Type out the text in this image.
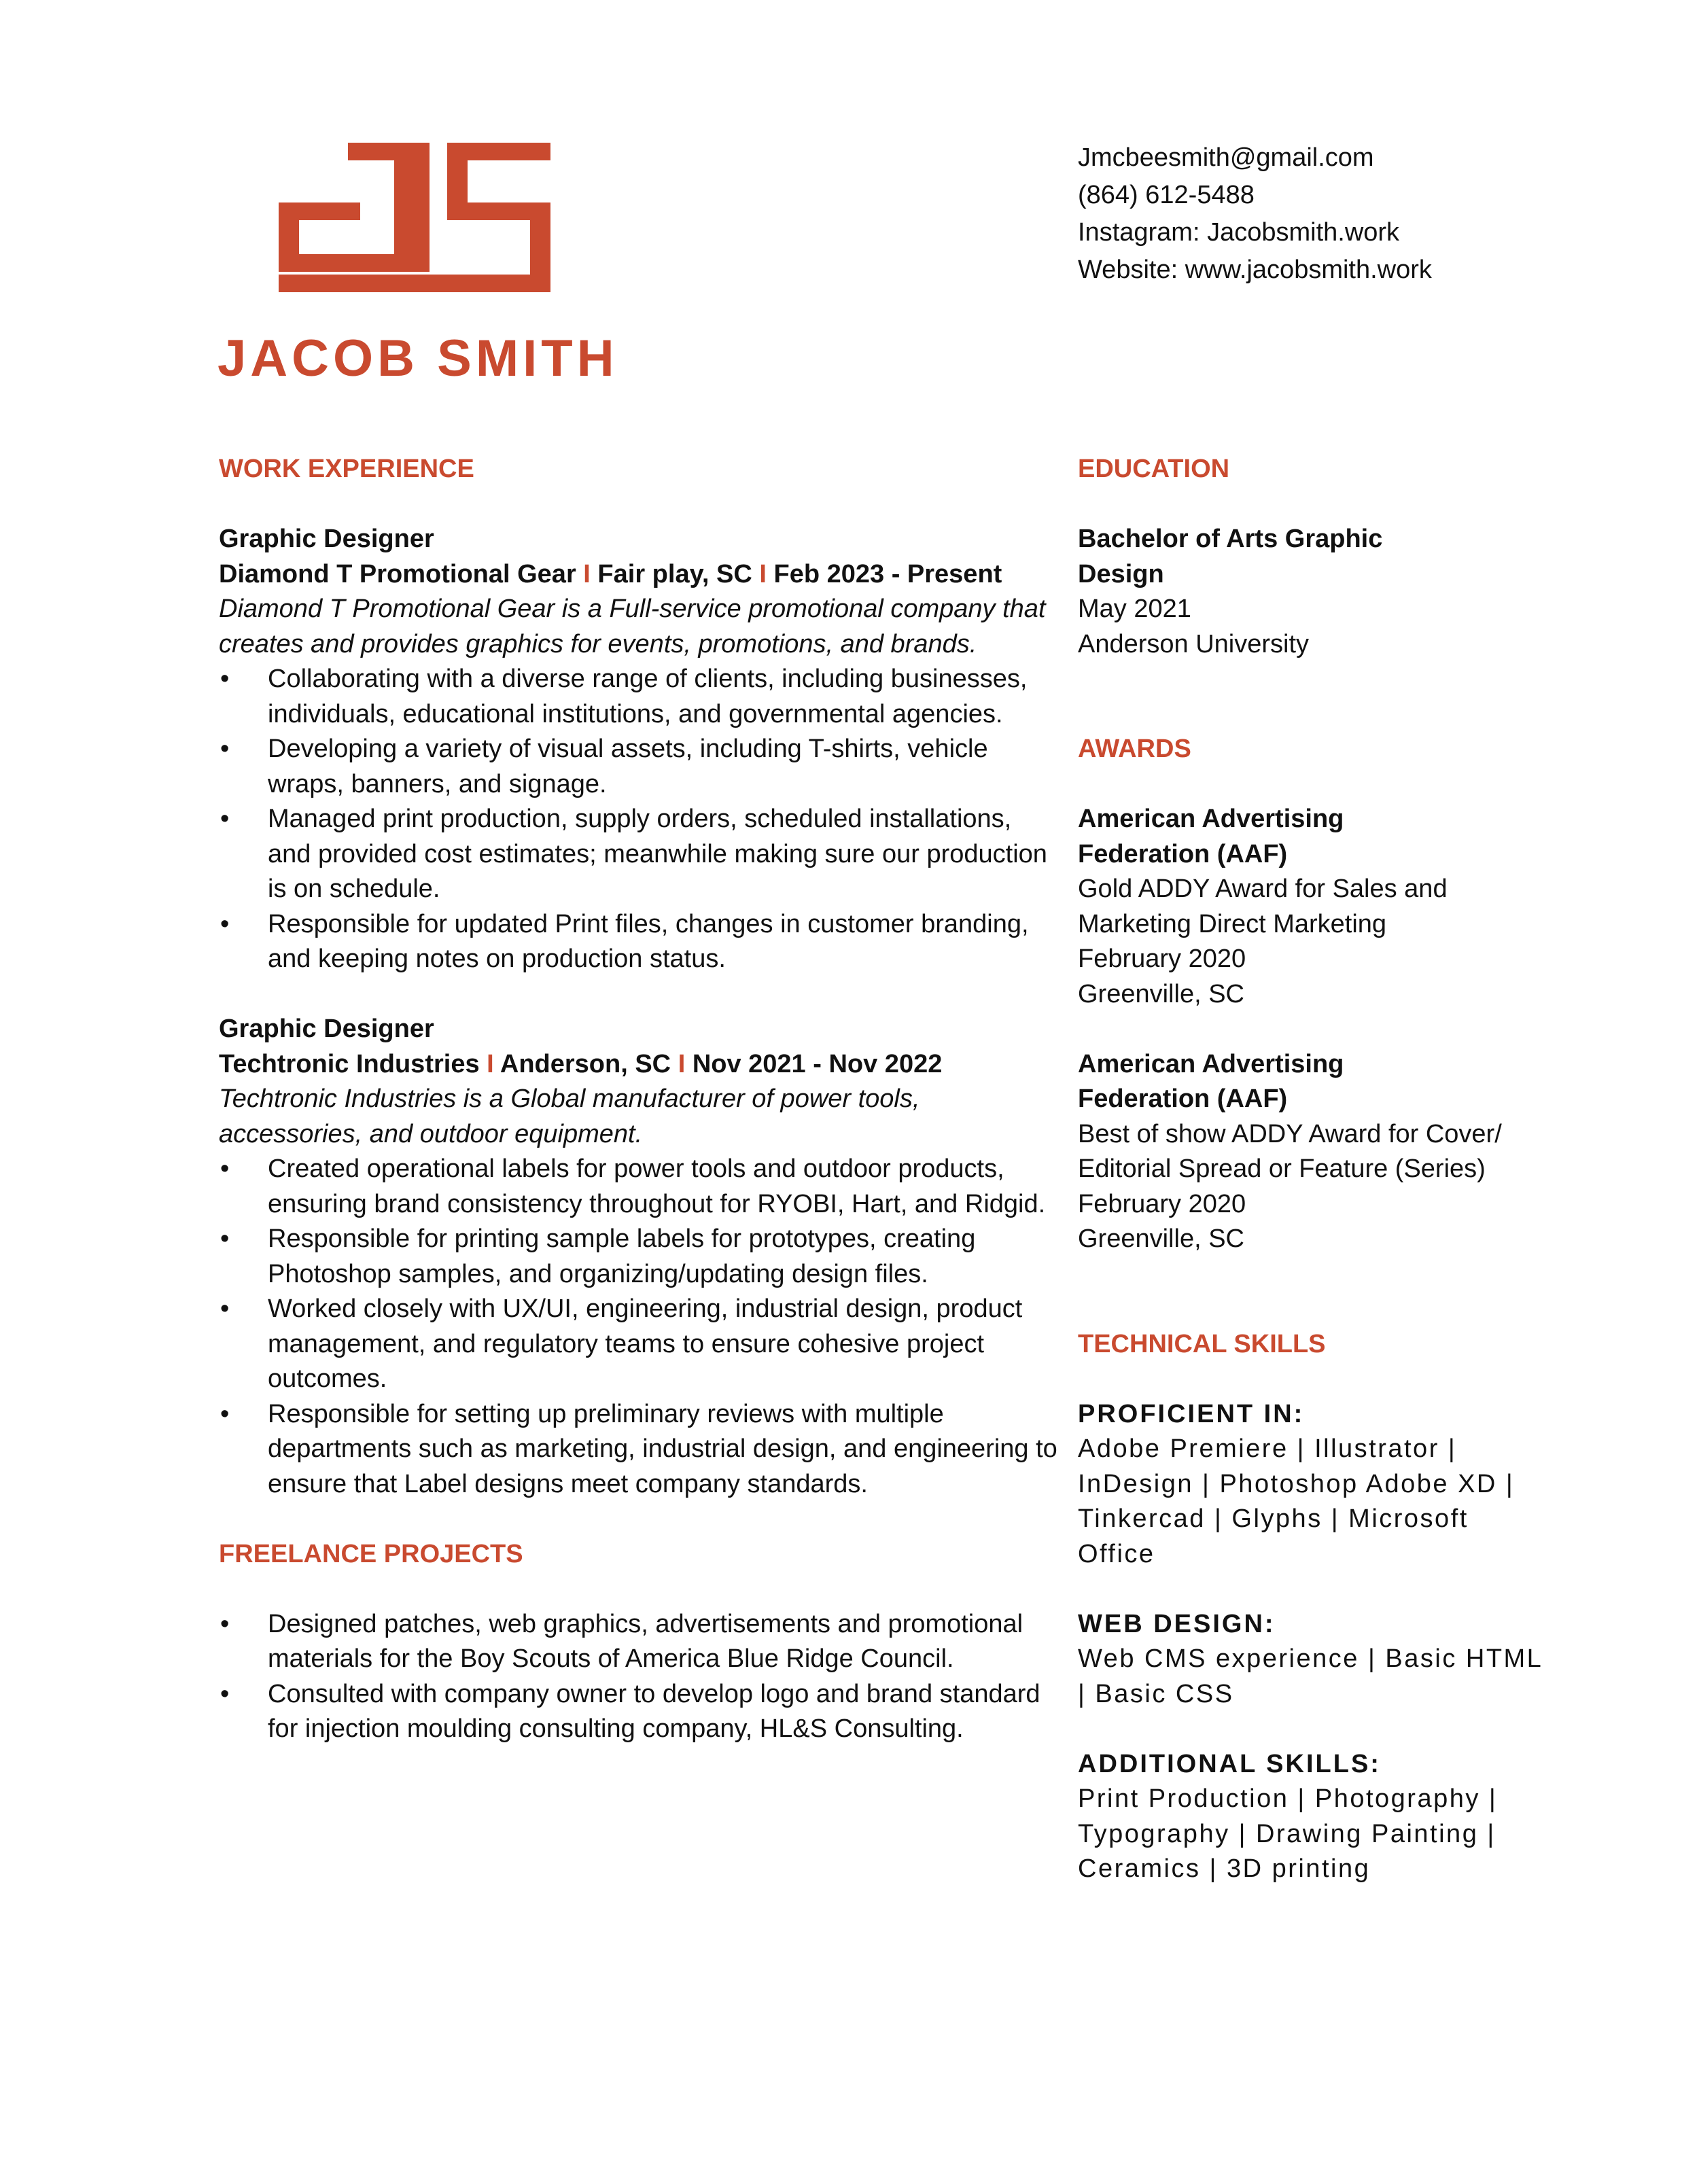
JACOB SMITH
Jmcbeesmith@gmail.com
(864) 612-5488
Instagram: Jacobsmith.work
Website: www.jacobsmith.work
WORK EXPERIENCE
Graphic Designer
Diamond T Promotional Gear I Fair play, SC I Feb 2023 - Present
Diamond T Promotional Gear is a Full-service promotional company that creates and provides graphics for events, promotions, and brands.
• Collaborating with a diverse range of clients, including businesses, individuals, educational institutions, and governmental agencies.
• Developing a variety of visual assets, including T-shirts, vehicle wraps, banners, and signage.
• Managed print production, supply orders, scheduled installations, and provided cost estimates; meanwhile making sure our production is on schedule.
• Responsible for updated Print files, changes in customer branding, and keeping notes on production status.
Graphic Designer
Techtronic Industries I Anderson, SC I Nov 2021 - Nov 2022
Techtronic Industries is a Global manufacturer of power tools, accessories, and outdoor equipment.
• Created operational labels for power tools and outdoor products, ensuring brand consistency throughout for RYOBI, Hart, and Ridgid.
• Responsible for printing sample labels for prototypes, creating Photoshop samples, and organizing/updating design files.
• Worked closely with UX/UI, engineering, industrial design, product management, and regulatory teams to ensure cohesive project outcomes.
• Responsible for setting up preliminary reviews with multiple departments such as marketing, industrial design, and engineering to ensure that Label designs meet company standards.
FREELANCE PROJECTS
• Designed patches, web graphics, advertisements and promotional materials for the Boy Scouts of America Blue Ridge Council.
• Consulted with company owner to develop logo and brand standard for injection moulding consulting company, HL&S Consulting.
EDUCATION
Bachelor of Arts Graphic
Design
May 2021
Anderson University
AWARDS
American Advertising
Federation (AAF)
Gold ADDY Award for Sales and Marketing Direct Marketing
February 2020
Greenville, SC
American Advertising
Federation (AAF)
Best of show ADDY Award for Cover/ Editorial Spread or Feature (Series)
February 2020
Greenville, SC
TECHNICAL SKILLS
PROFICIENT IN:
Adobe Premiere | Illustrator | InDesign | Photoshop Adobe XD | Tinkercad | Glyphs | Microsoft Office
WEB DESIGN:
Web CMS experience | Basic HTML | Basic CSS
ADDITIONAL SKILLS:
Print Production | Photography | Typography | Drawing Painting | Ceramics | 3D printing
